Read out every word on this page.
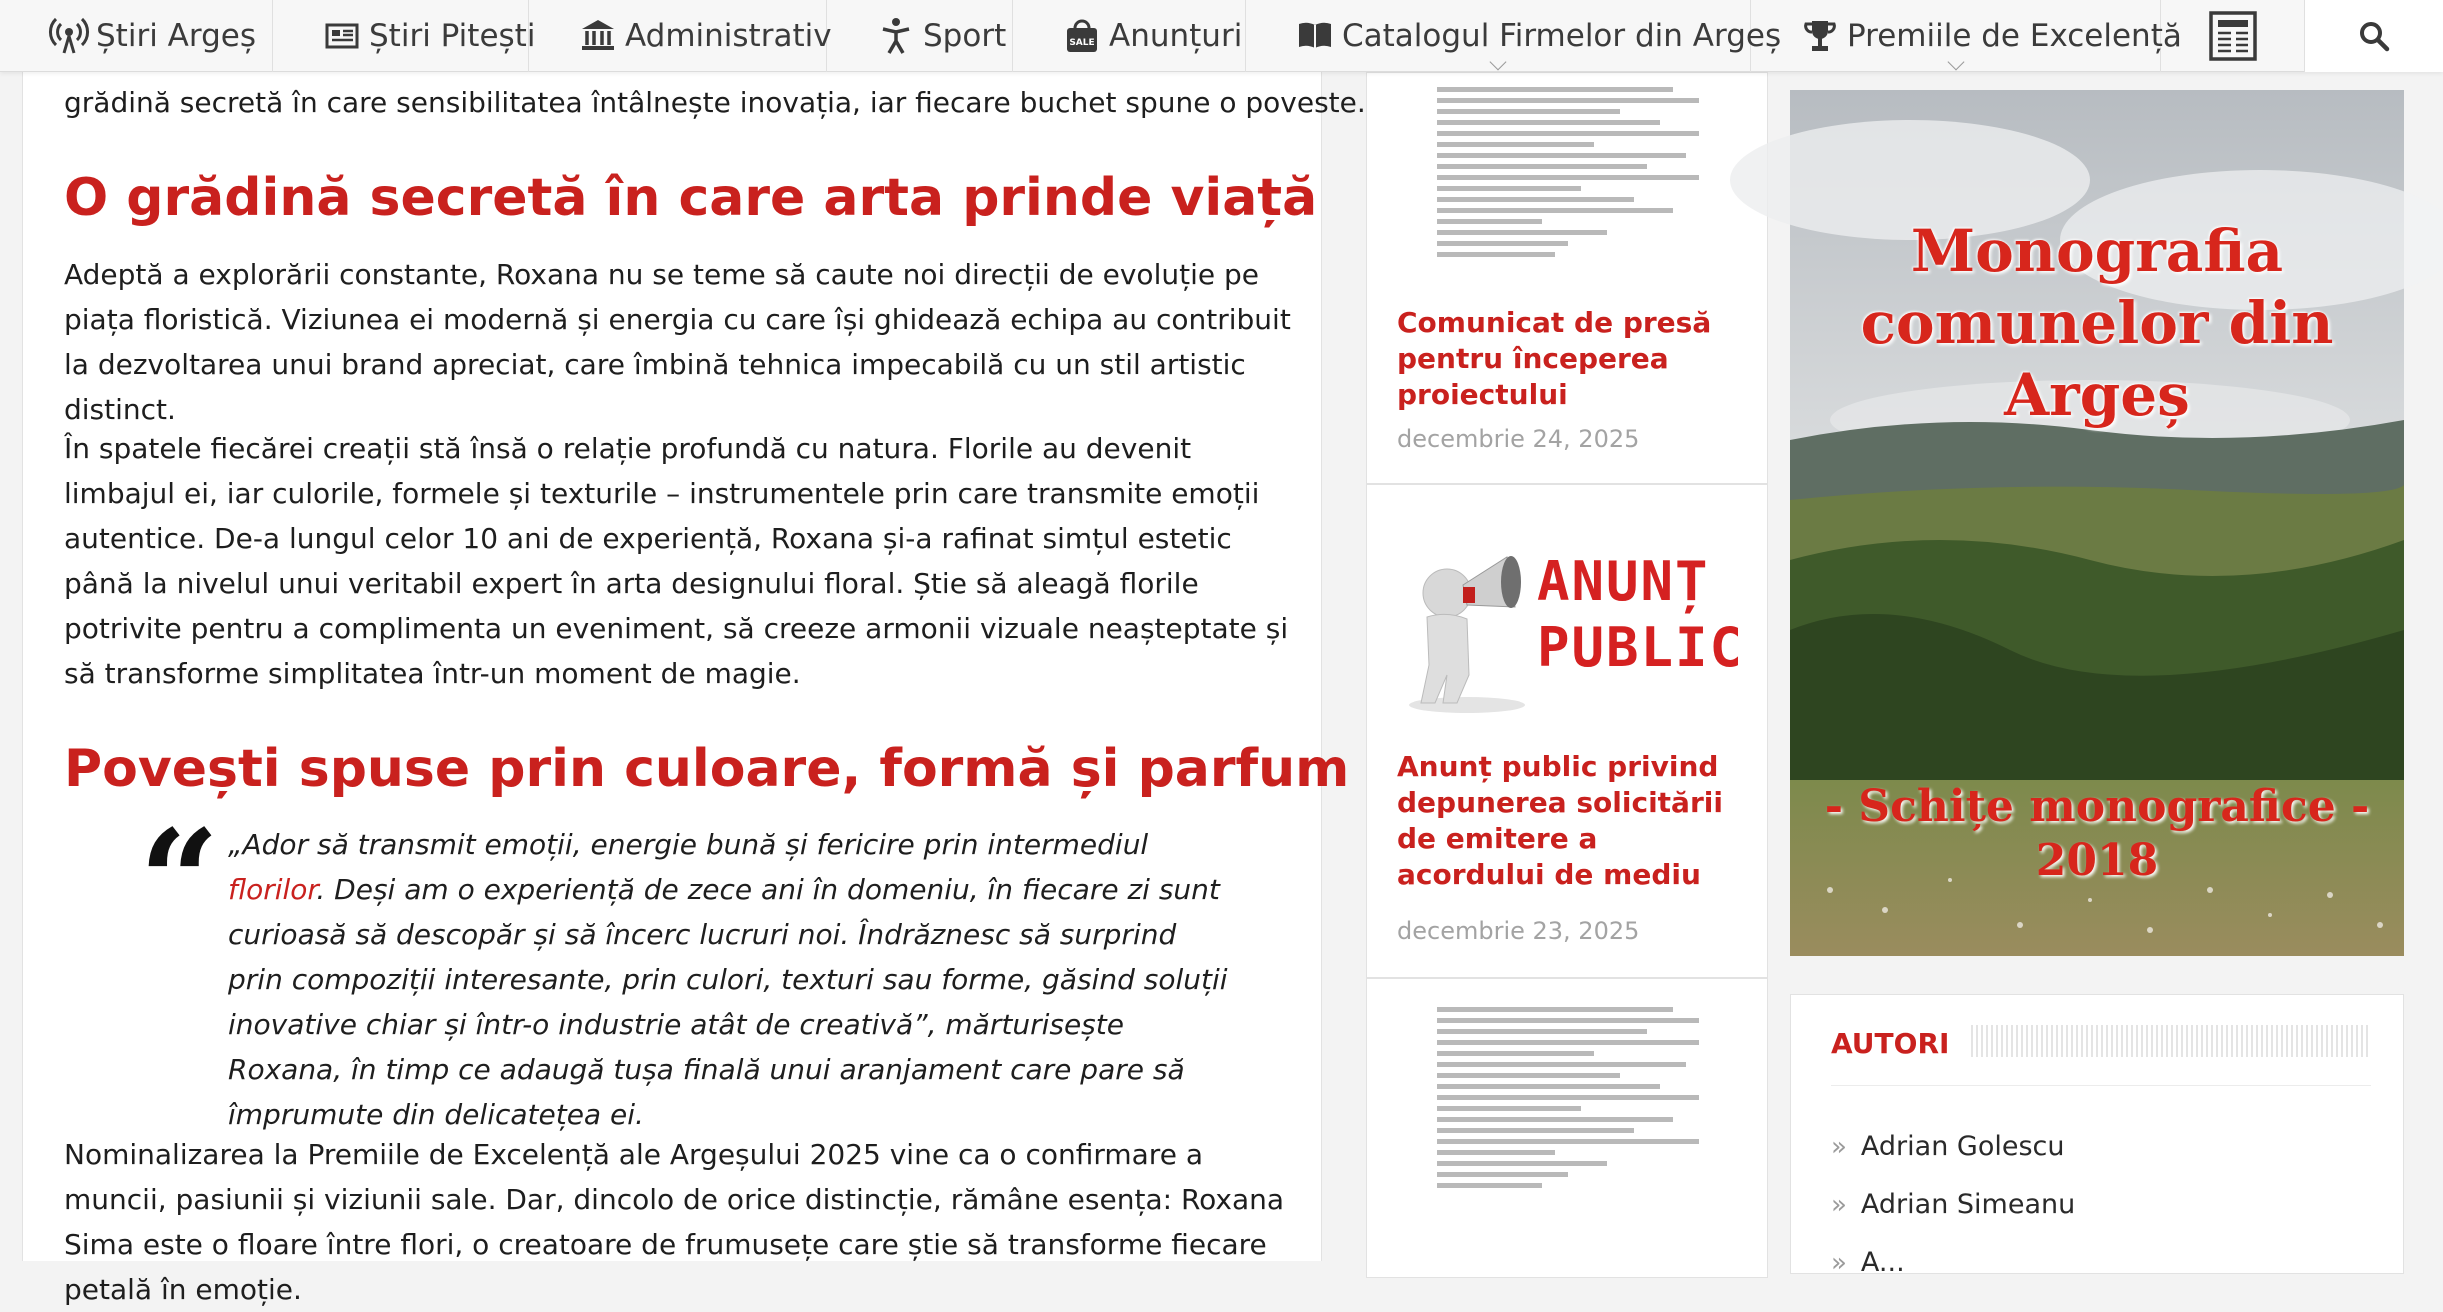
Știri Argeș	Știri Pitești	Administrativ	Sport	SALE Anunțuri	Catalogul Firmelor din Argeș Premiile de Excelență

grădină secretă în care sensibilitatea întâlnește inovația, iar fiecare buchet spune o poveste.

O grădină secretă în care arta prinde viață

Adeptă a explorării constante, Roxana nu se teme să caute noi direcții de evoluție pe piața floristică. Viziunea ei modernă și energia cu care își ghidează echipa au contribuit la dezvoltarea unui brand apreciat, care îmbină tehnica impecabilă cu un stil artistic distinct.

În spatele fiecărei creații stă însă o relație profundă cu natura. Florile au devenit limbajul ei, iar culorile, formele și texturile – instrumentele prin care transmite emoții autentice. De-a lungul celor 10 ani de experiență, Roxana și-a rafinat simțul estetic până la nivelul unui veritabil expert în arta designului floral. Știe să aleagă florile potrivite pentru a complimenta un eveniment, să creeze armonii vizuale neașteptate și să transforme simplitatea într-un moment de magie.

Povești spuse prin culoare, formă și parfum
“ „Ador să transmit emoții, energie bună și fericire prin intermediul florilor. Deși am o experiență de zece ani în domeniu, în fiecare zi sunt curioasă să descopăr și să încerc lucruri noi. Îndrăznesc să surprind prin compoziții interesante, prin culori, texturi sau forme, găsind soluții inovative chiar și într-o industrie atât de creativă”, mărturisește Roxana, în timp ce adaugă tușa finală unui aranjament care pare să împrumute din delicatețea ei.

Nominalizarea la Premiile de Excelență ale Argeșului 2025 vine ca o confirmare a muncii, pasiunii și viziunii sale. Dar, dincolo de orice distincție, rămâne esența: Roxana Sima este o floare între flori, o creatoare de frumusețe care știe să transforme fiecare petală în emoție.

Comunicat de presă pentru începerea proiectului
decembrie 24, 2025
ANUNȚ
PUBLIC
Anunț public privind depunerea solicitării de emitere a acordului de mediu
decembrie 23, 2025
Monografia
comunelor din Argeș
- Schițe monografice -
2018
AUTORI
» Adrian Golescu
» Adrian Simeanu
» A...
